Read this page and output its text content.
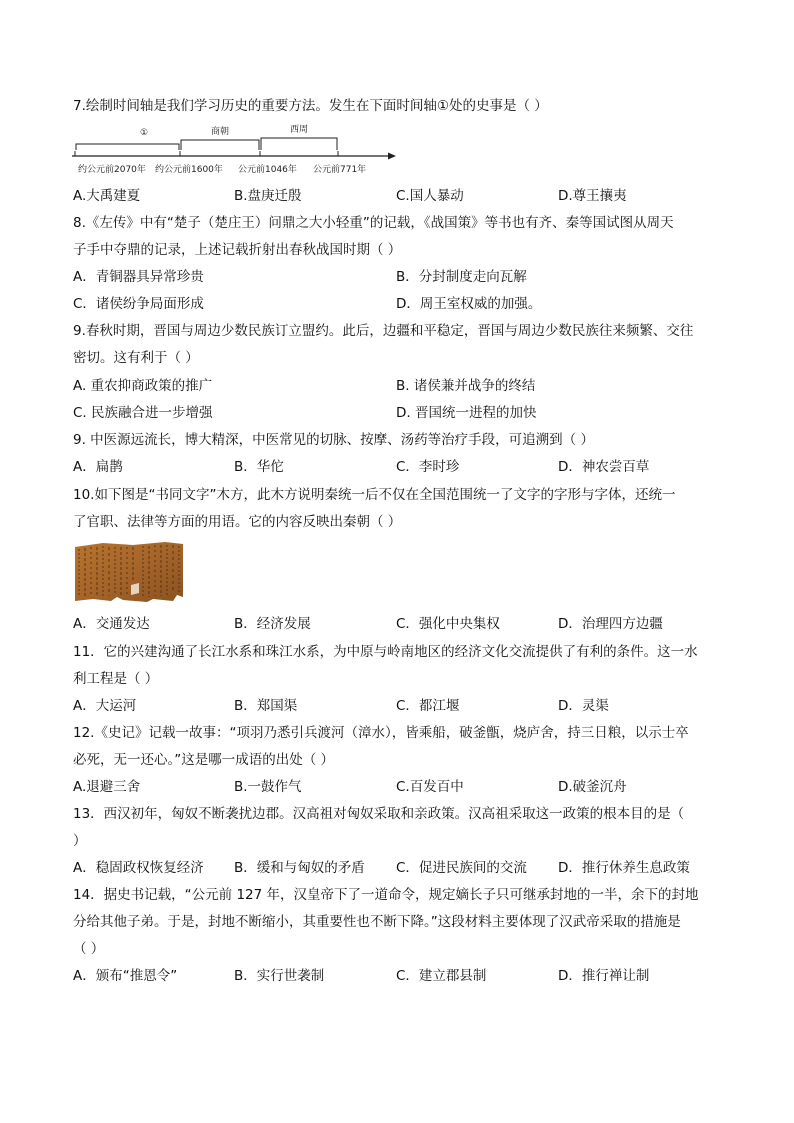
7.绘制时间轴是我们学习历史的重要方法。发生在下面时间轴①处的史事是（ ）
①	商朝	西周
约公元前2070年 约公元前1600年 公元前1046年 公元前771年
A.大禹建夏	B.盘庚迁殷	C.国人暴动	D.尊王攘夷
8.《左传》中有“楚子（楚庄王）问鼎之大小轻重”的记载，《战国策》等书也有齐、秦等国试图从周天
子手中夺鼎的记录，上述记载折射出春秋战国时期（ ）
A．青铜器具异常珍贵	B．分封制度走向瓦解
C．诸侯纷争局面形成	D．周王室权威的加强。
9.春秋时期，晋国与周边少数民族订立盟约。此后，边疆和平稳定，晋国与周边少数民族往来频繁、交往
密切。这有利于（ ）
A. 重农抑商政策的推广	B. 诸侯兼并战争的终结
C. 民族融合进一步增强	D. 晋国统一进程的加快
9. 中医源远流长，博大精深，中医常见的切脉、按摩、汤药等治疗手段，可追溯到（ ）
A．扁鹊	B．华佗	C．李时珍	D．神农尝百草
10.如下图是“书同文字”木方，此木方说明秦统一后不仅在全国范围统一了文字的字形与字体，还统一
了官职、法律等方面的用语。它的内容反映出秦朝（ ）
A．交通发达	B．经济发展	C．强化中央集权	D．治理四方边疆
11．它的兴建沟通了长江水系和珠江水系，为中原与岭南地区的经济文化交流提供了有利的条件。这一水
利工程是（ ）
A．大运河	B．郑国渠	C．都江堰	D．灵渠
12.《史记》记载一故事：“项羽乃悉引兵渡河（漳水），皆乘船，破釜甑，烧庐舍，持三日粮，以示士卒
必死，无一还心。”这是哪一成语的出处（ ）
A.退避三舍	B.一鼓作气	C.百发百中	D.破釜沉舟
13．西汉初年，匈奴不断袭扰边郡。汉高祖对匈奴采取和亲政策。汉高祖采取这一政策的根本目的是（
）
A．稳固政权恢复经济 B．缓和与匈奴的矛盾 C．促进民族间的交流 D．推行休养生息政策
14．据史书记载，“公元前 127 年，汉皇帝下了一道命令，规定嫡长子只可继承封地的一半，余下的封地
分给其他子弟。于是，封地不断缩小，其重要性也不断下降。”这段材料主要体现了汉武帝采取的措施是
（ ）
A．颁布“推恩令”	B．实行世袭制	C．建立郡县制	D．推行禅让制
